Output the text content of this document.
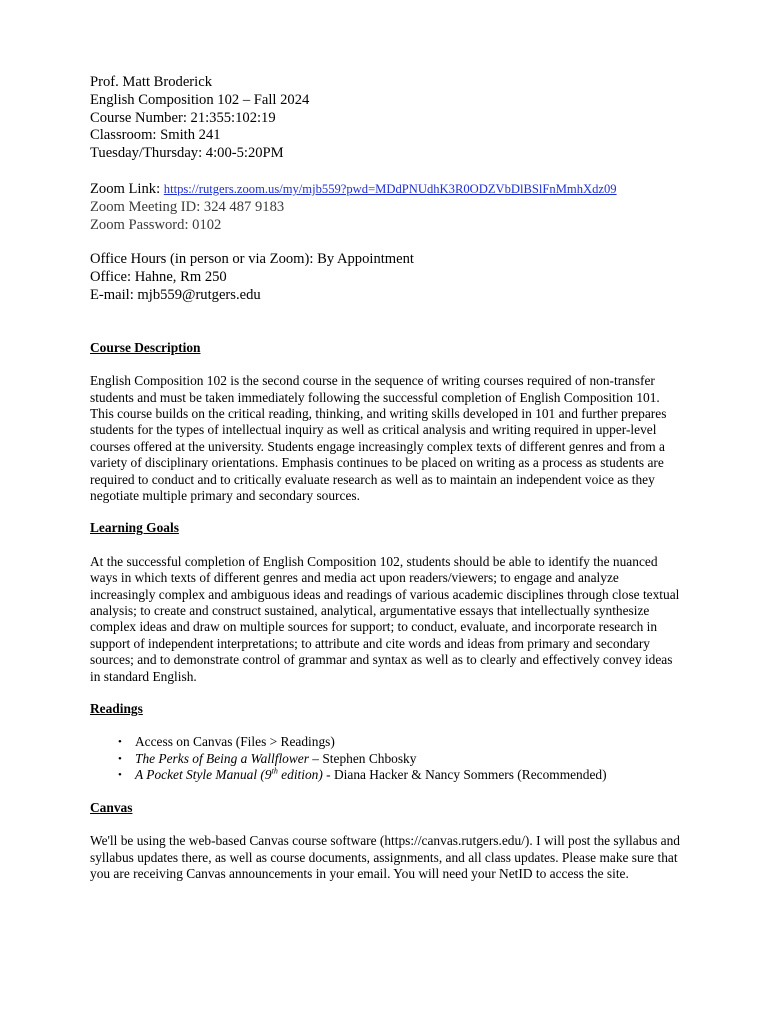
Prof. Matt Broderick
English Composition 102 – Fall 2024
Course Number: 21:355:102:19
Classroom: Smith 241
Tuesday/Thursday: 4:00-5:20PM
Zoom Link: https://rutgers.zoom.us/my/mjb559?pwd=MDdPNUdhK3R0ODZVbDlBSlFnMmhXdz09
Zoom Meeting ID: 324 487 9183
Zoom Password: 0102
Office Hours (in person or via Zoom): By Appointment
Office: Hahne, Rm 250
E-mail: mjb559@rutgers.edu
Course Description

English Composition 102 is the second course in the sequence of writing courses required of non-transfer students and must be taken immediately following the successful completion of English Composition 101. This course builds on the critical reading, thinking, and writing skills developed in 101 and further prepares students for the types of intellectual inquiry as well as critical analysis and writing required in upper-level courses offered at the university. Students engage increasingly complex texts of different genres and from a variety of disciplinary orientations. Emphasis continues to be placed on writing as a process as students are required to conduct and to critically evaluate research as well as to maintain an independent voice as they negotiate multiple primary and secondary sources.

Learning Goals

At the successful completion of English Composition 102, students should be able to identify the nuanced ways in which texts of different genres and media act upon readers/viewers; to engage and analyze increasingly complex and ambiguous ideas and readings of various academic disciplines through close textual analysis; to create and construct sustained, analytical, argumentative essays that intellectually synthesize complex ideas and draw on multiple sources for support; to conduct, evaluate, and incorporate research in support of independent interpretations; to attribute and cite words and ideas from primary and secondary sources; and to demonstrate control of grammar and syntax as well as to clearly and effectively convey ideas in standard English.

Readings
• Access on Canvas (Files > Readings)
• The Perks of Being a Wallflower – Stephen Chbosky
• A Pocket Style Manual (9th edition) - Diana Hacker & Nancy Sommers (Recommended)
Canvas

We'll be using the web-based Canvas course software (https://canvas.rutgers.edu/). I will post the syllabus and syllabus updates there, as well as course documents, assignments, and all class updates. Please make sure that you are receiving Canvas announcements in your email. You will need your NetID to access the site.
